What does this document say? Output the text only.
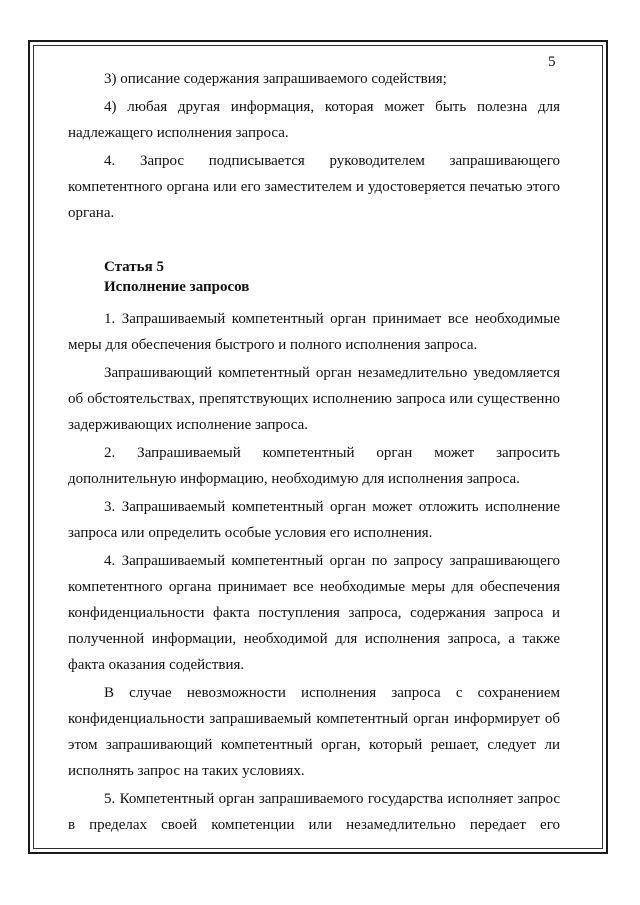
5

3) описание содержания запрашиваемого содействия;

4) любая другая информация, которая может быть полезна для надлежащего исполнения запроса.

4. Запрос подписывается руководителем запрашивающего компетентного органа или его заместителем и удостоверяется печатью этого органа.

Статья 5

Исполнение запросов

1. Запрашиваемый компетентный орган принимает все необходимые меры для обеспечения быстрого и полного исполнения запроса.

Запрашивающий компетентный орган незамедлительно уведомляется об обстоятельствах, препятствующих исполнению запроса или существенно задерживающих исполнение запроса.

2. Запрашиваемый компетентный орган может запросить дополнительную информацию, необходимую для исполнения запроса.

3. Запрашиваемый компетентный орган может отложить исполнение запроса или определить особые условия его исполнения.

4. Запрашиваемый компетентный орган по запросу запрашивающего компетентного органа принимает все необходимые меры для обеспечения конфиденциальности факта поступления запроса, содержания запроса и полученной информации, необходимой для исполнения запроса, а также факта оказания содействия.

В случае невозможности исполнения запроса с сохранением конфиденциальности запрашиваемый компетентный орган информирует об этом запрашивающий компетентный орган, который решает, следует ли исполнять запрос на таких условиях.

5. Компетентный орган запрашиваемого государства исполняет запрос в пределах своей компетенции или незамедлительно передает его
